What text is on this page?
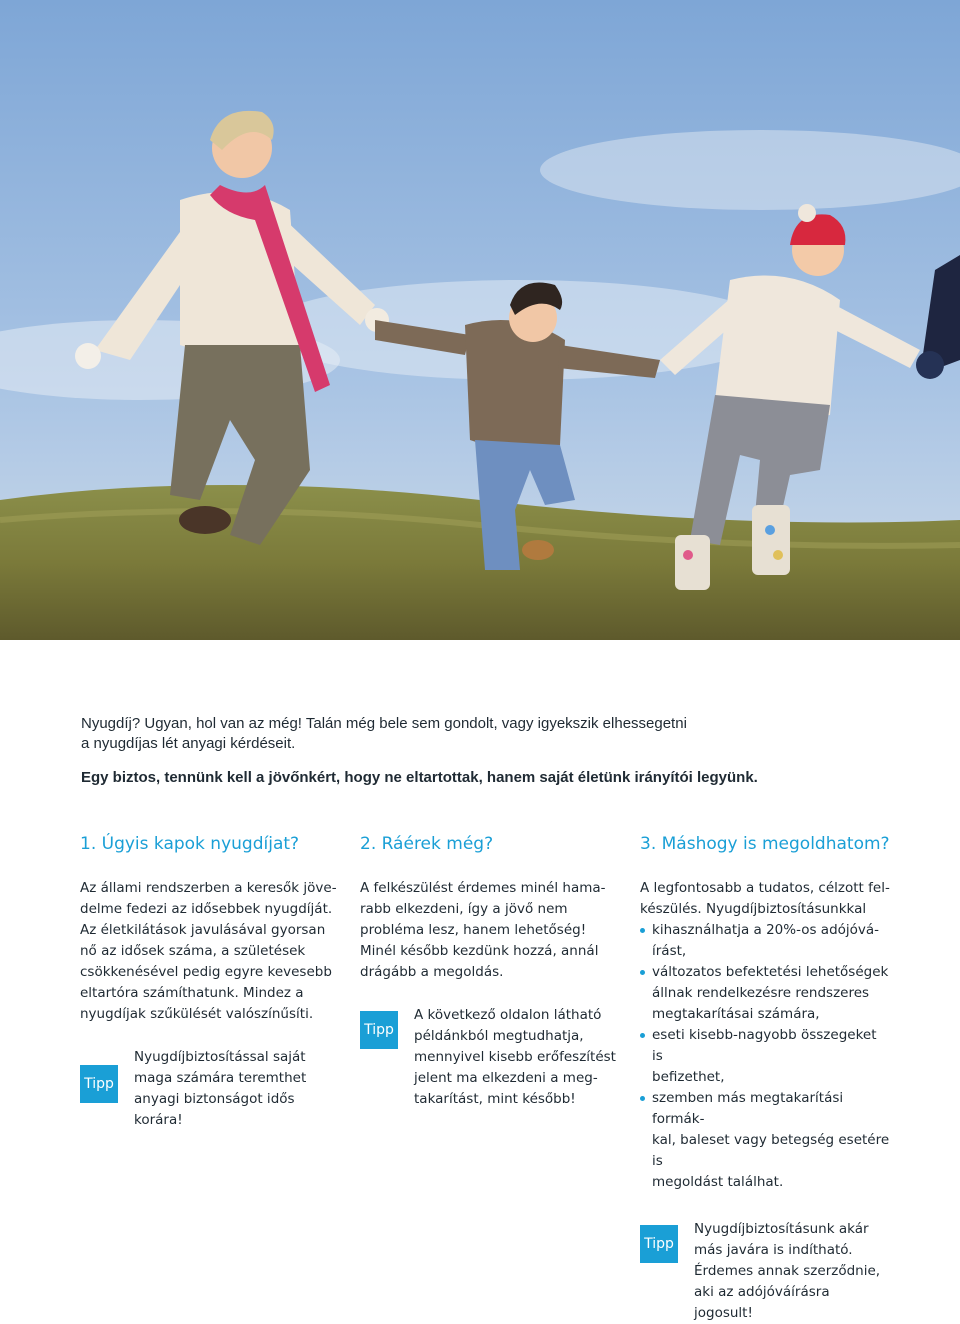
Nyugdíj? Ugyan, hol van az még! Talán még bele sem gondolt, vagy igyekszik elhessegetni

a nyugdíjas lét anyagi kérdéseit.

Egy biztos, tennünk kell a jövőnkért, hogy ne eltartottak, hanem saját életünk irányítói legyünk.

1. Úgyis kapok nyugdíjat?

Az állami rendszerben a keresők jöve-
delme fedezi az idősebbek nyugdíját.
Az életkilátások javulásával gyorsan
nő az idősek száma, a születések
csökkenésével pedig egyre kevesebb
eltartóra számíthatunk. Mindez a
nyugdíjak szűkülését valószínűsíti.

Tipp
Nyugdíjbiztosítással saját
maga számára teremthet
anyagi biztonságot idős
korára!
2. Ráérek még?

A felkészülést érdemes minél hama-
rabb elkezdeni, így a jövő nem
probléma lesz, hanem lehetőség!
Minél később kezdünk hozzá, annál
drágább a megoldás.

Tipp
A következő oldalon látható
példánkból megtudhatja,
mennyivel kisebb erőfeszítést
jelent ma elkezdeni a meg-
takarítást, mint később!
3. Máshogy is megoldhatom?

A legfontosabb a tudatos, célzott fel-
készülés. Nyugdíjbiztosításunkkal

kihasználhatja a 20%-os adójóvá-
írást,
változatos befektetési lehetőségek
állnak rendelkezésre rendszeres
megtakarításai számára,
eseti kisebb-nagyobb összegeket is
befizethet,
szemben más megtakarítási formák-
kal, baleset vagy betegség esetére is
megoldást találhat.
Tipp
Nyugdíjbiztosításunk akár
más javára is indítható.
Érdemes annak szerződnie,
aki az adójóváírásra jogosult!
